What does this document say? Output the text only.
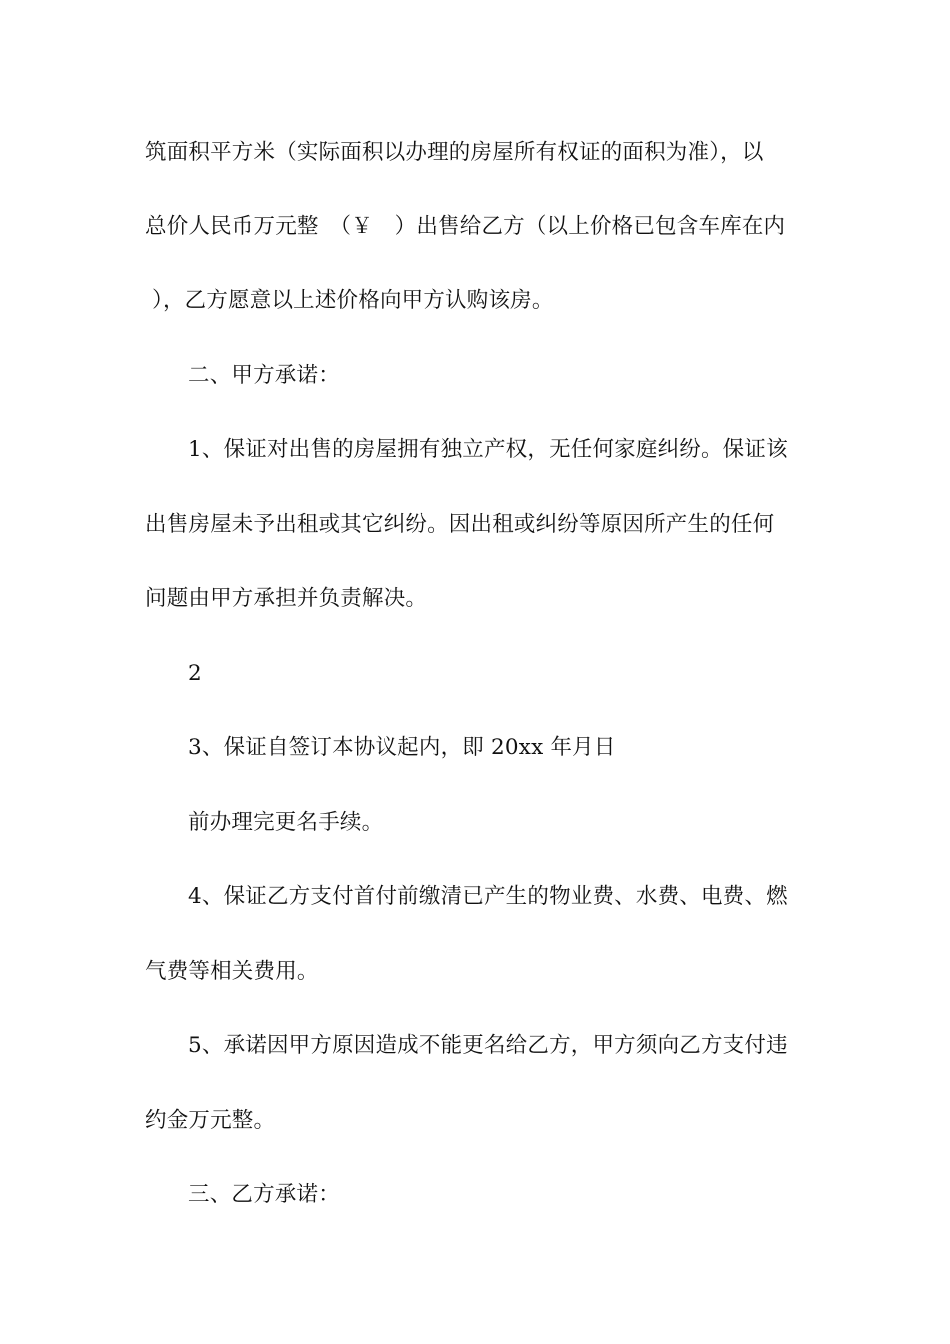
筑面积平方米（实际面积以办理的房屋所有权证的面积为准），以
总价人民币万元整　（￥　）出售给乙方（以上价格已包含车库在内
），乙方愿意以上述价格向甲方认购该房。
二、甲方承诺：
1、保证对出售的房屋拥有独立产权，无任何家庭纠纷。保证该
出售房屋未予出租或其它纠纷。因出租或纠纷等原因所产生的任何
问题由甲方承担并负责解决。
2
3、保证自签订本协议起内，即 20xx 年月日
前办理完更名手续。
4、保证乙方支付首付前缴清已产生的物业费、水费、电费、燃
气费等相关费用。
5、承诺因甲方原因造成不能更名给乙方，甲方须向乙方支付违
约金万元整。
三、乙方承诺：
